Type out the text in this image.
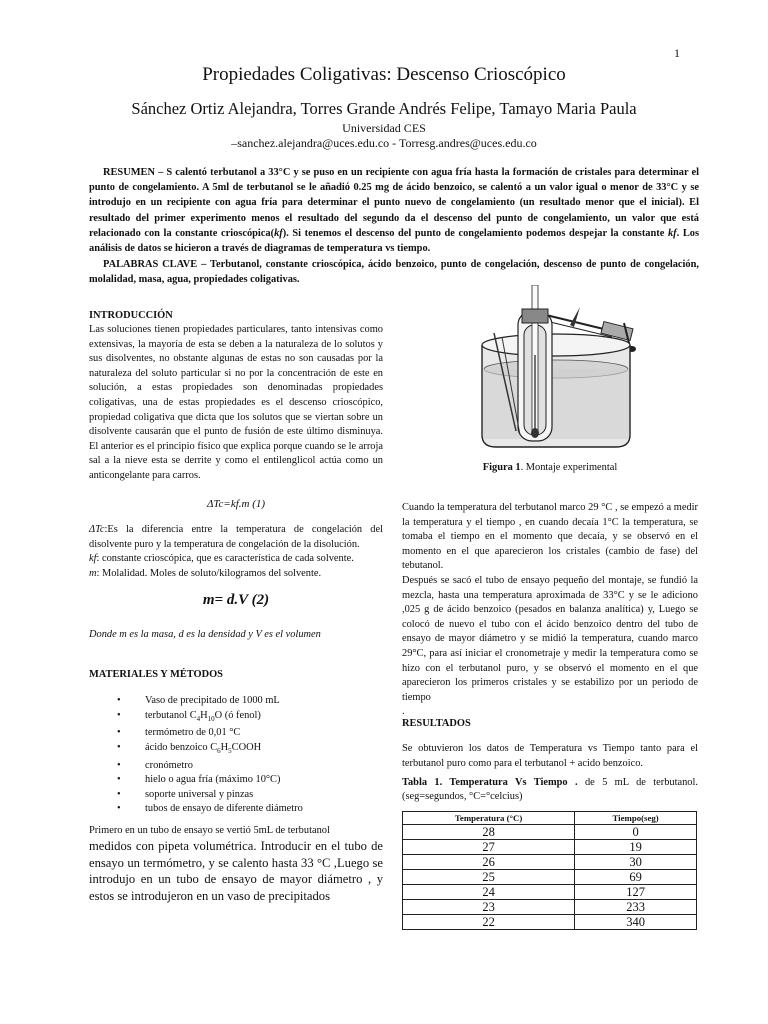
1
Propiedades Coligativas: Descenso Crioscópico
Sánchez Ortiz Alejandra, Torres Grande Andrés Felipe, Tamayo Maria Paula
Universidad CES
–sanchez.alejandra@uces.edu.co - Torresg.andres@uces.edu.co
RESUMEN – S calentó terbutanol a 33°C y se puso en un recipiente con agua fría hasta la formación de cristales para determinar el punto de congelamiento. A 5ml de terbutanol se le añadió 0.25 mg de ácido benzoico, se calentó a un valor igual o menor de 33°C y se introdujo en un recipiente con agua fría para determinar el punto nuevo de congelamiento (un resultado menor que el inicial). El resultado del primer experimento menos el resultado del segundo da el descenso del punto de congelamiento, un valor que está relacionado con la constante crioscópica(kf). Si tenemos el descenso del punto de congelamiento podemos despejar la constante kf. Los análisis de datos se hicieron a través de diagramas de temperatura vs tiempo.
PALABRAS CLAVE – Terbutanol, constante crioscópica, ácido benzoico, punto de congelación, descenso de punto de congelación, molalidad, masa, agua, propiedades coligativas.
INTRODUCCIÓN
Las soluciones tienen propiedades particulares, tanto intensivas como extensivas, la mayoría de esta se deben a la naturaleza de lo solutos y sus disolventes, no obstante algunas de estas no son causadas por la naturaleza del soluto particular si no por la concentración de este en solución, a estas propiedades son denominadas propiedades coligativas, una de estas propiedades es el descenso crioscópico, propiedad coligativa que dicta que los solutos que se viertan sobre un disolvente causarán que el punto de fusión de este último disminuya. El anterior es el principio físico que explica porque cuando se le arroja sal a la nieve esta se derrite y como el entilenglicol actúa como un anticongelante para carros.
ΔTc=kf.m (1)

ΔTc:Es la diferencia entre la temperatura de congelación del disolvente puro y la temperatura de congelación de la disolución.

kf: constante crioscópica, que es característica de cada solvente.

m: Molalidad. Moles de soluto/kilogramos del solvente.

m= d.V (2)
Donde m es la masa, d es la densidad y V es el volumen
MATERIALES Y MÉTODOS
• Vaso de precipitado de 1000 mL
• terbutanol $C_4H_{10}O$ (ó fenol)
• termómetro de 0,01 °C
• ácido benzoico $C_6H_5COOH$
• cronómetro
• hielo o agua fría (máximo 10°C)
• soporte universal y pinzas
• tubos de ensayo de diferente diámetro
Primero en un tubo de ensayo se vertió 5mL de terbutanol
medidos con pipeta volumétrica. Introducir en el tubo de ensayo un termómetro, y se calento hasta 33 °C ,Luego se introdujo en un tubo de ensayo de mayor diámetro , y estos se introdujeron en un vaso de precipitados
Figura 1. Montaje experimental
Cuando la temperatura del terbutanol marco 29 °C , se empezó a medir la temperatura y el tiempo , en cuando decaía 1°C la temperatura, se tomaba el tiempo en el momento que decaía, y se observó en el momento en el que aparecieron los cristales (cambio de fase) del tebutanol.
Después se sacó el tubo de ensayo pequeño del montaje, se fundió la mezcla, hasta una temperatura aproximada de 33°C y se le adiciono ,025 g de ácido benzoico (pesados en balanza analítica) y, Luego se colocó de nuevo el tubo con el ácido benzoico dentro del tubo de ensayo de mayor diámetro y se midió la temperatura, cuando marco 29°C, para así iniciar el cronometraje y medir la temperatura como se hizo con el terbutanol puro, y se observó el momento en el que aparecieron los primeros cristales y se estabilizo por un periodo de tiempo
.
RESULTADOS
Se obtuvieron los datos de Temperatura vs Tiempo tanto para el terbutanol puro como para el terbutanol + acido benzoico.
Tabla 1. Temperatura Vs Tiempo . de 5 mL de terbutanol. (seg=segundos, °C=°celcius)
Temperatura (°C)	Tiempo(seg)
28	0
27	19
26	30
25	69
24	127
23	233
22	340
